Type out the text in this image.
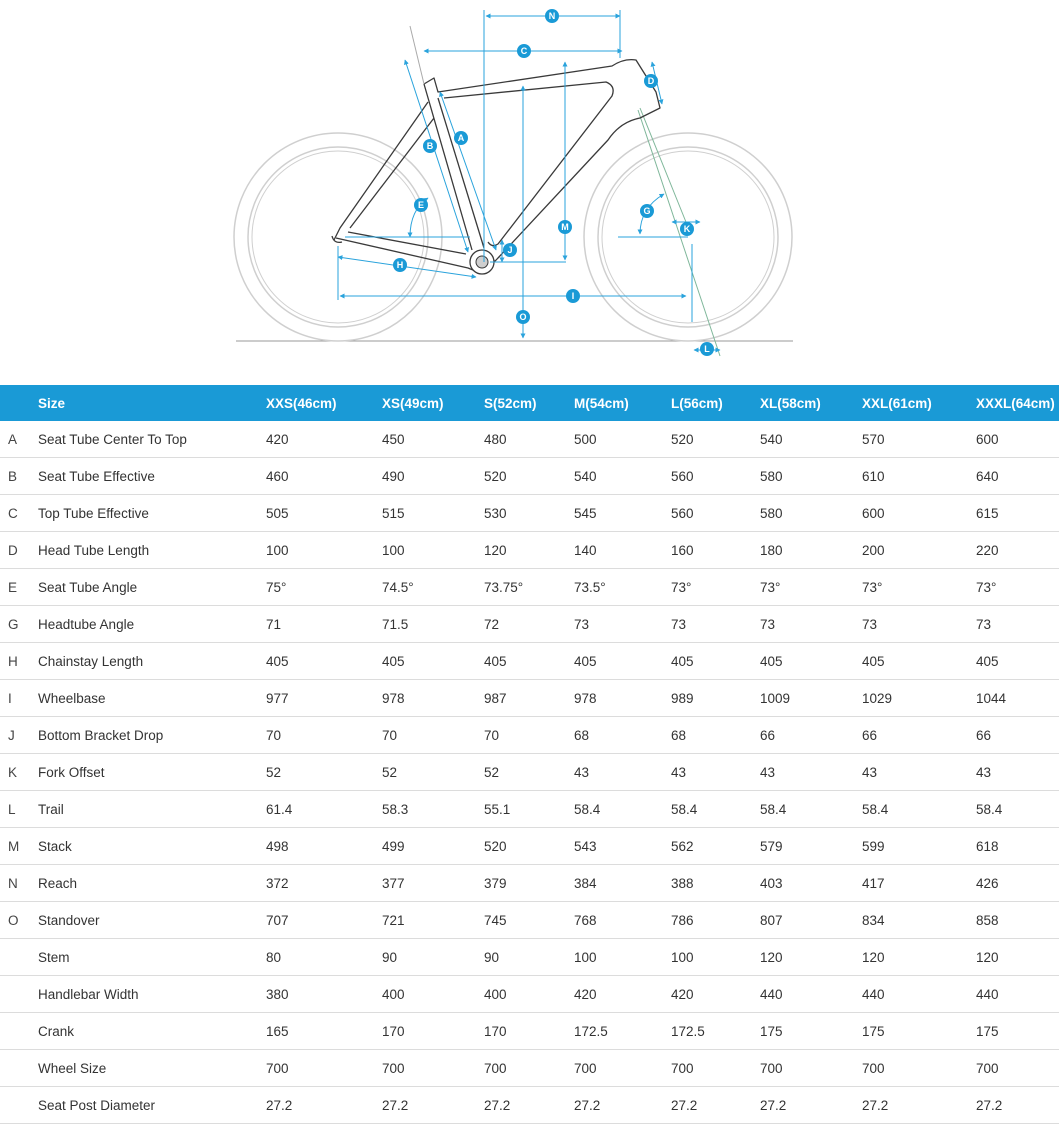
N
C
D
A
B
E
M
G
K
J
H
I
O
L
	Size	XXS(46cm)	XS(49cm)	S(52cm)	M(54cm)	L(56cm)	XL(58cm)	XXL(61cm)	XXXL(64cm)	
A	Seat Tube Center To Top	420	450	480	500	520	540	570	600	
B	Seat Tube Effective	460	490	520	540	560	580	610	640	
C	Top Tube Effective	505	515	530	545	560	580	600	615	
D	Head Tube Length	100	100	120	140	160	180	200	220	
E	Seat Tube Angle	75°	74.5°	73.75°	73.5°	73°	73°	73°	73°	
G	Headtube Angle	71	71.5	72	73	73	73	73	73	
H	Chainstay Length	405	405	405	405	405	405	405	405	
I	Wheelbase	977	978	987	978	989	1009	1029	1044	
J	Bottom Bracket Drop	70	70	70	68	68	66	66	66	
K	Fork Offset	52	52	52	43	43	43	43	43	
L	Trail	61.4	58.3	55.1	58.4	58.4	58.4	58.4	58.4	
M	Stack	498	499	520	543	562	579	599	618	
N	Reach	372	377	379	384	388	403	417	426	
O	Standover	707	721	745	768	786	807	834	858	
	Stem	80	90	90	100	100	120	120	120	
	Handlebar Width	380	400	400	420	420	440	440	440	
	Crank	165	170	170	172.5	172.5	175	175	175	
	Wheel Size	700	700	700	700	700	700	700	700	
	Seat Post Diameter	27.2	27.2	27.2	27.2	27.2	27.2	27.2	27.2	
